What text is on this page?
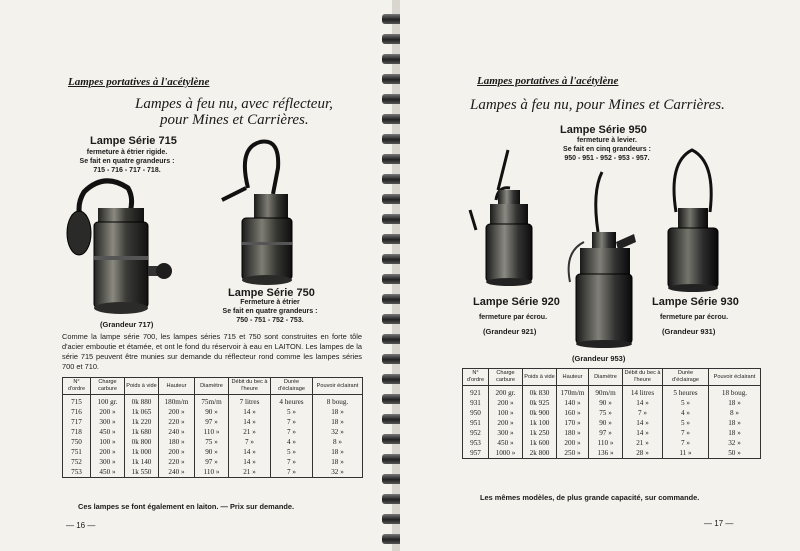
Lampes portatives à l'acétylène
Lampes à feu nu, avec réflecteur,
pour Mines et Carrières.
Lampe Série 715
fermeture à étrier rigide.
Se fait en quatre grandeurs :
715 - 716 - 717 - 718.
Lampe Série 750
Fermeture à étrier
Se fait en quatre grandeurs :
750 - 751 - 752 - 753.
(Grandeur 717)
Comme la lampe série 700, les lampes séries 715 et 750 sont construites en forte tôle d'acier emboutie et étamée, et ont le fond du réservoir à eau en LAITON. Les lampes de la série 715 peuvent être munies sur demande du réflecteur rond comme les lampes séries 700 et 710.
N° d'ordre	Charge carbure	Poids à vide	Hauteur	Diamètre	Débit du bec à l'heure	Durée d'éclairage	Pouvoir éclairant
715	100 gr.	0k 880	180m/m	75m/m	7 litres	4 heures	8 boug.
716	200 »	1k 065	200 »	90 »	14 »	5 »	18 »
717	300 »	1k 220	220 »	97 »	14 »	7 »	18 »
718	450 »	1k 680	240 »	110 »	21 »	7 »	32 »
750	100 »	0k 800	180 »	75 »	7 »	4 »	8 »
751	200 »	1k 000	200 »	90 »	14 »	5 »	18 »
752	300 »	1k 140	220 »	97 »	14 »	7 »	18 »
753	450 »	1k 550	240 »	110 »	21 »	7 »	32 »
Ces lampes se font également en laiton. — Prix sur demande.
— 16 —
Lampes portatives à l'acétylène
Lampes à feu nu, pour Mines et Carrières.
Lampe Série 950
fermeture à levier.
Se fait en cinq grandeurs :
950 - 951 - 952 - 953 - 957.
Lampe Série 920
fermeture par écrou.
(Grandeur 921)
Lampe Série 930
fermeture par écrou.
(Grandeur 931)
(Grandeur 953)
N° d'ordre	Charge carbure	Poids à vide	Hauteur	Diamètre	Débit du bec à l'heure	Durée d'éclairage	Pouvoir éclairant
921	200 gr.	0k 830	170m/m	90m/m	14 litres	5 heures	18 boug.
931	200 »	0k 925	140 »	90 »	14 »	5 »	18 »
950	100 »	0k 900	160 »	75 »	7 »	4 »	8 »
951	200 »	1k 100	170 »	90 »	14 »	5 »	18 »
952	300 »	1k 250	180 »	97 »	14 »	7 »	18 »
953	450 »	1k 600	200 »	110 »	21 »	7 »	32 »
957	1000 »	2k 800	250 »	136 »	28 »	11 »	50 »
Les mêmes modèles, de plus grande capacité, sur commande.
— 17 —
